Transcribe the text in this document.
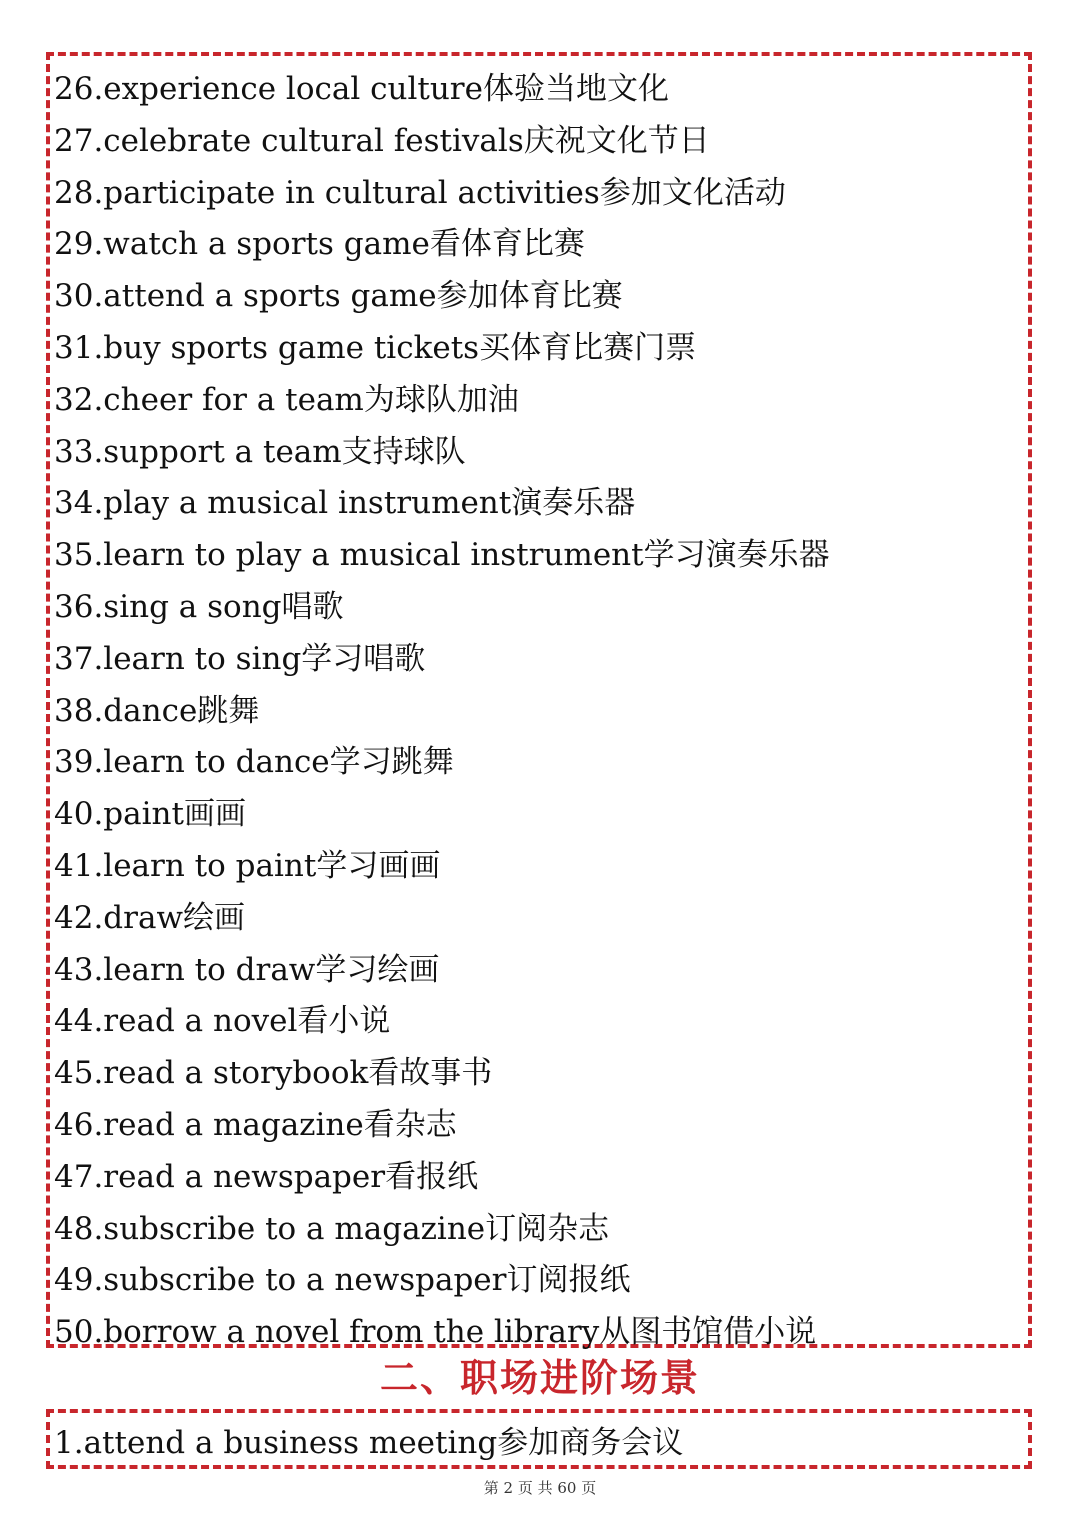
26.experience local culture体验当地文化
27.celebrate cultural festivals庆祝文化节日
28.participate in cultural activities参加文化活动
29.watch a sports game看体育比赛
30.attend a sports game参加体育比赛
31.buy sports game tickets买体育比赛门票
32.cheer for a team为球队加油
33.support a team支持球队
34.play a musical instrument演奏乐器
35.learn to play a musical instrument学习演奏乐器
36.sing a song唱歌
37.learn to sing学习唱歌
38.dance跳舞
39.learn to dance学习跳舞
40.paint画画
41.learn to paint学习画画
42.draw绘画
43.learn to draw学习绘画
44.read a novel看小说
45.read a storybook看故事书
46.read a magazine看杂志
47.read a newspaper看报纸
48.subscribe to a magazine订阅杂志
49.subscribe to a newspaper订阅报纸
50.borrow a novel from the library从图书馆借小说
二、职场进阶场景
1.attend a business meeting参加商务会议
第 2 页 共 60 页
